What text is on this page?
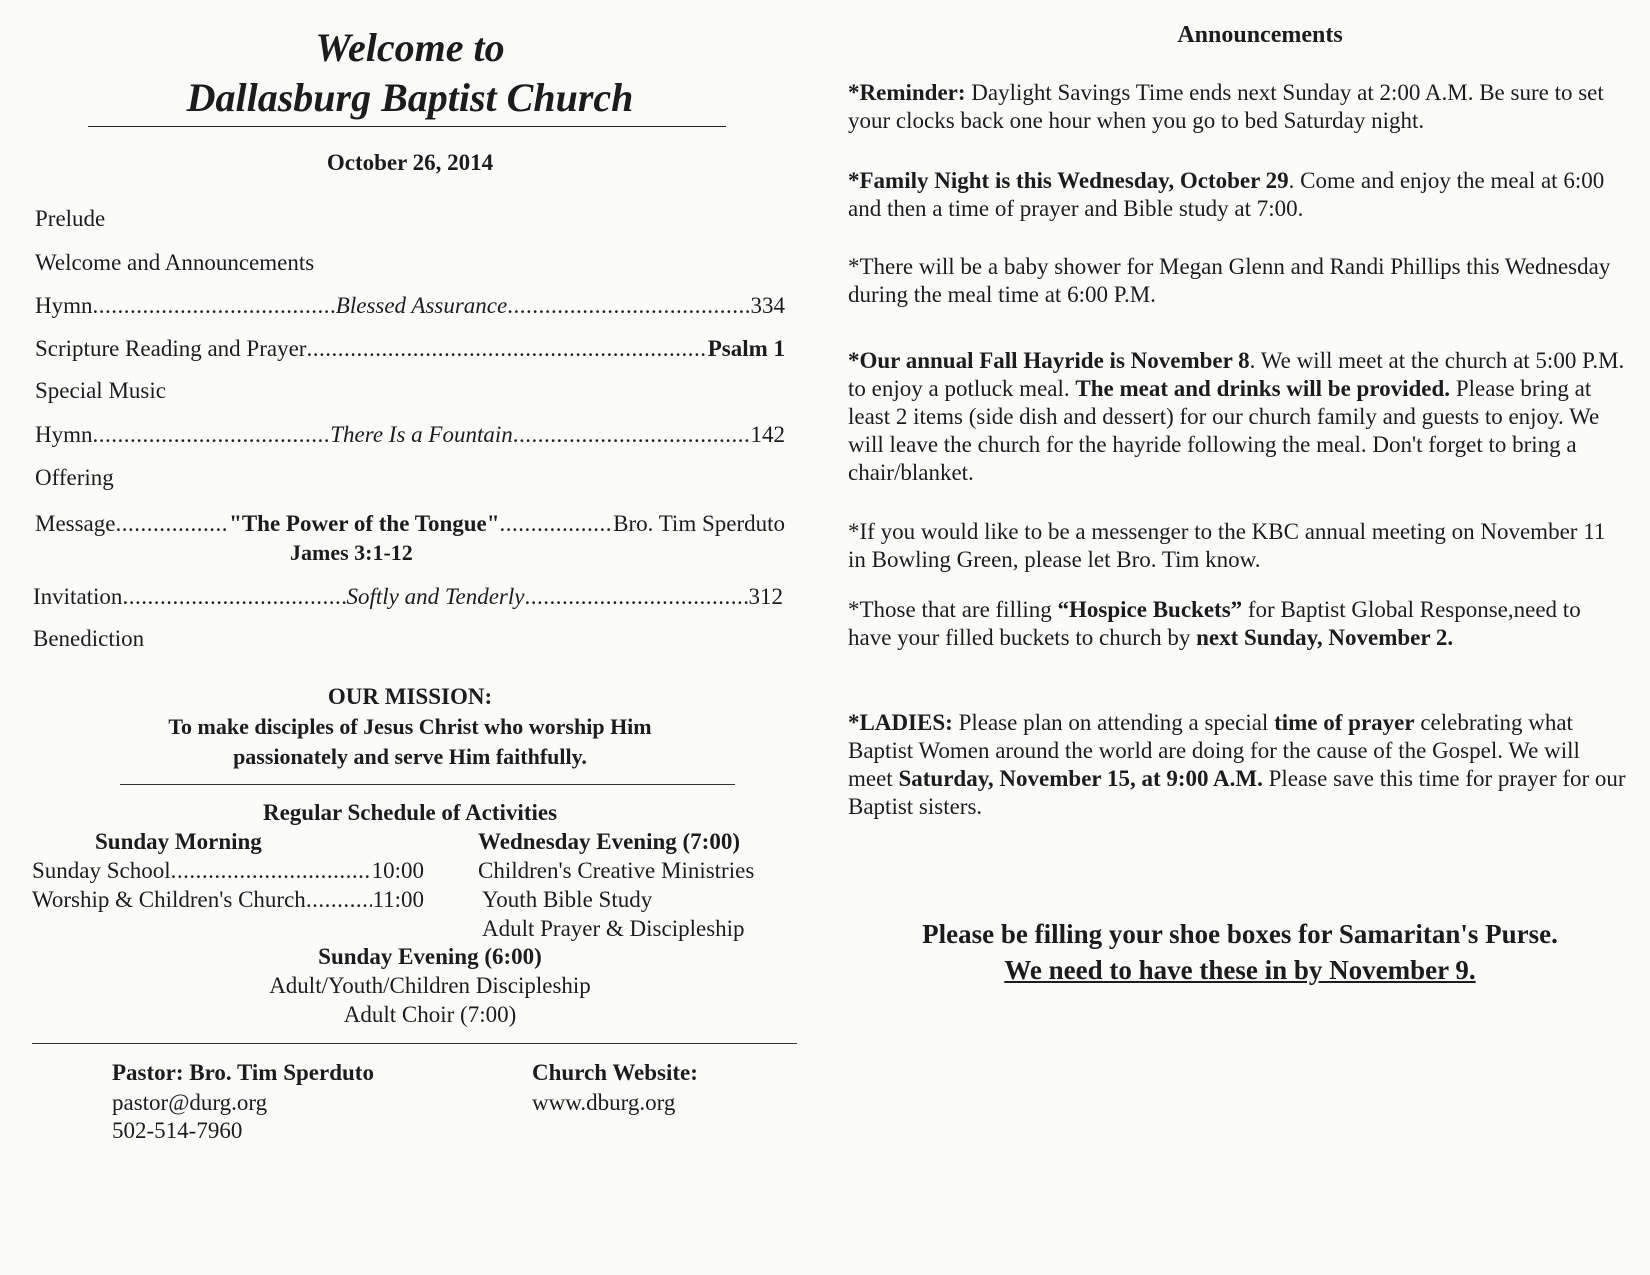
Welcome to
Dallasburg Baptist Church
October 26, 2014
Prelude
Welcome and Announcements
Hymn .....	Blessed Assurance .....	334
Scripture Reading and Prayer .....	Psalm 1
Special Music
Hymn .....	There Is a Fountain .....	142
Offering
Message .....	"The Power of the Tongue" .....	Bro. Tim Sperduto
James 3:1-12
Invitation .....	Softly and Tenderly .....	312
Benediction
OUR MISSION:
To make disciples of Jesus Christ who worship Him
passionately and serve Him faithfully.
Regular Schedule of Activities
Sunday Morning
Sunday School .....	10:00
Worship & Children's Church .....	11:00
Wednesday Evening (7:00)
Children's Creative Ministries
Youth Bible Study
Adult Prayer & Discipleship
Sunday Evening (6:00)
Adult/Youth/Children Discipleship
Adult Choir (7:00)
Pastor: Bro. Tim Sperduto
pastor@durg.org
502-514-7960
Church Website:
www.dburg.org
Announcements
*Reminder: Daylight Savings Time ends next Sunday at 2:00 A.M. Be sure to set your clocks back one hour when you go to bed Saturday night.
*Family Night is this Wednesday, October 29. Come and enjoy the meal at 6:00 and then a time of prayer and Bible study at 7:00.
*There will be a baby shower for Megan Glenn and Randi Phillips this Wednesday during the meal time at 6:00 P.M.
*Our annual Fall Hayride is November 8. We will meet at the church at 5:00 P.M. to enjoy a potluck meal. The meat and drinks will be provided. Please bring at least 2 items (side dish and dessert) for our church family and guests to enjoy. We will leave the church for the hayride following the meal. Don't forget to bring a chair/blanket.
*If you would like to be a messenger to the KBC annual meeting on November 11 in Bowling Green, please let Bro. Tim know.
*Those that are filling “Hospice Buckets” for Baptist Global Response,need to have your filled buckets to church by next Sunday, November 2.
*LADIES: Please plan on attending a special time of prayer celebrating what Baptist Women around the world are doing for the cause of the Gospel. We will meet Saturday, November 15, at 9:00 A.M. Please save this time for prayer for our Baptist sisters.
Please be filling your shoe boxes for Samaritan's Purse.
We need to have these in by November 9.
